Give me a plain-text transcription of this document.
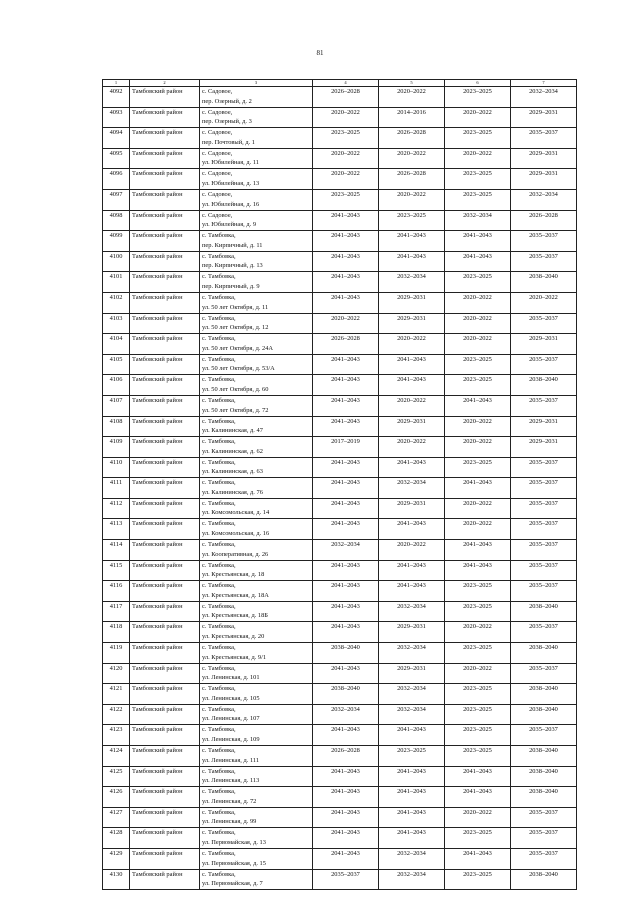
81
1	2	3	4	5	6	7
4092	Тамбовский район	с. Садовое,
пер. Озерный, д. 2	2026–2028	2020–2022	2023–2025	2032–2034
4093	Тамбовский район	с. Садовое,
пер. Озерный, д. 3	2020–2022	2014–2016	2020–2022	2029–2031
4094	Тамбовский район	с. Садовое,
пер. Почтовый, д. 1	2023–2025	2026–2028	2023–2025	2035–2037
4095	Тамбовский район	с. Садовое,
ул. Юбилейная, д. 11	2020–2022	2020–2022	2020–2022	2029–2031
4096	Тамбовский район	с. Садовое,
ул. Юбилейная, д. 13	2020–2022	2026–2028	2023–2025	2029–2031
4097	Тамбовский район	с. Садовое,
ул. Юбилейная, д. 16	2023–2025	2020–2022	2023–2025	2032–2034
4098	Тамбовский район	с. Садовое,
ул. Юбилейная, д. 9	2041–2043	2023–2025	2032–2034	2026–2028
4099	Тамбовский район	с. Тамбовка,
пер. Кирпичный, д. 11	2041–2043	2041–2043	2041–2043	2035–2037
4100	Тамбовский район	с. Тамбовка,
пер. Кирпичный, д. 13	2041–2043	2041–2043	2041–2043	2035–2037
4101	Тамбовский район	с. Тамбовка,
пер. Кирпичный, д. 9	2041–2043	2032–2034	2023–2025	2038–2040
4102	Тамбовский район	с. Тамбовка,
ул. 50 лет Октября, д. 11	2041–2043	2029–2031	2020–2022	2020–2022
4103	Тамбовский район	с. Тамбовка,
ул. 50 лет Октября, д. 12	2020–2022	2029–2031	2020–2022	2035–2037
4104	Тамбовский район	с. Тамбовка,
ул. 50 лет Октября, д. 24А	2026–2028	2020–2022	2020–2022	2029–2031
4105	Тамбовский район	с. Тамбовка,
ул. 50 лет Октября, д. 53/А	2041–2043	2041–2043	2023–2025	2035–2037
4106	Тамбовский район	с. Тамбовка,
ул. 50 лет Октября, д. 60	2041–2043	2041–2043	2023–2025	2038–2040
4107	Тамбовский район	с. Тамбовка,
ул. 50 лет Октября, д. 72	2041–2043	2020–2022	2041–2043	2035–2037
4108	Тамбовский район	с. Тамбовка,
ул. Калининская, д. 47	2041–2043	2029–2031	2020–2022	2029–2031
4109	Тамбовский район	с. Тамбовка,
ул. Калининская, д. 62	2017–2019	2020–2022	2020–2022	2029–2031
4110	Тамбовский район	с. Тамбовка,
ул. Калининская, д. 63	2041–2043	2041–2043	2023–2025	2035–2037
4111	Тамбовский район	с. Тамбовка,
ул. Калининская, д. 76	2041–2043	2032–2034	2041–2043	2035–2037
4112	Тамбовский район	с. Тамбовка,
ул. Комсомольская, д. 14	2041–2043	2029–2031	2020–2022	2035–2037
4113	Тамбовский район	с. Тамбовка,
ул. Комсомольская, д. 16	2041–2043	2041–2043	2020–2022	2035–2037
4114	Тамбовский район	с. Тамбовка,
ул. Кооперативная, д. 26	2032–2034	2020–2022	2041–2043	2035–2037
4115	Тамбовский район	с. Тамбовка,
ул. Крестьянская, д. 18	2041–2043	2041–2043	2041–2043	2035–2037
4116	Тамбовский район	с. Тамбовка,
ул. Крестьянская, д. 18А	2041–2043	2041–2043	2023–2025	2035–2037
4117	Тамбовский район	с. Тамбовка,
ул. Крестьянская, д. 18Б	2041–2043	2032–2034	2023–2025	2038–2040
4118	Тамбовский район	с. Тамбовка,
ул. Крестьянская, д. 20	2041–2043	2029–2031	2020–2022	2035–2037
4119	Тамбовский район	с. Тамбовка,
ул. Крестьянская, д. 9/1	2038–2040	2032–2034	2023–2025	2038–2040
4120	Тамбовский район	с. Тамбовка,
ул. Ленинская, д. 101	2041–2043	2029–2031	2020–2022	2035–2037
4121	Тамбовский район	с. Тамбовка,
ул. Ленинская, д. 105	2038–2040	2032–2034	2023–2025	2038–2040
4122	Тамбовский район	с. Тамбовка,
ул. Ленинская, д. 107	2032–2034	2032–2034	2023–2025	2038–2040
4123	Тамбовский район	с. Тамбовка,
ул. Ленинская, д. 109	2041–2043	2041–2043	2023–2025	2035–2037
4124	Тамбовский район	с. Тамбовка,
ул. Ленинская, д. 111	2026–2028	2023–2025	2023–2025	2038–2040
4125	Тамбовский район	с. Тамбовка,
ул. Ленинская, д. 113	2041–2043	2041–2043	2041–2043	2038–2040
4126	Тамбовский район	с. Тамбовка,
ул. Ленинская, д. 72	2041–2043	2041–2043	2041–2043	2038–2040
4127	Тамбовский район	с. Тамбовка,
ул. Ленинская, д. 99	2041–2043	2041–2043	2020–2022	2035–2037
4128	Тамбовский район	с. Тамбовка,
ул. Первомайская, д. 13	2041–2043	2041–2043	2023–2025	2035–2037
4129	Тамбовский район	с. Тамбовка,
ул. Первомайская, д. 15	2041–2043	2032–2034	2041–2043	2035–2037
4130	Тамбовский район	с. Тамбовка,
ул. Первомайская, д. 7	2035–2037	2032–2034	2023–2025	2038–2040
